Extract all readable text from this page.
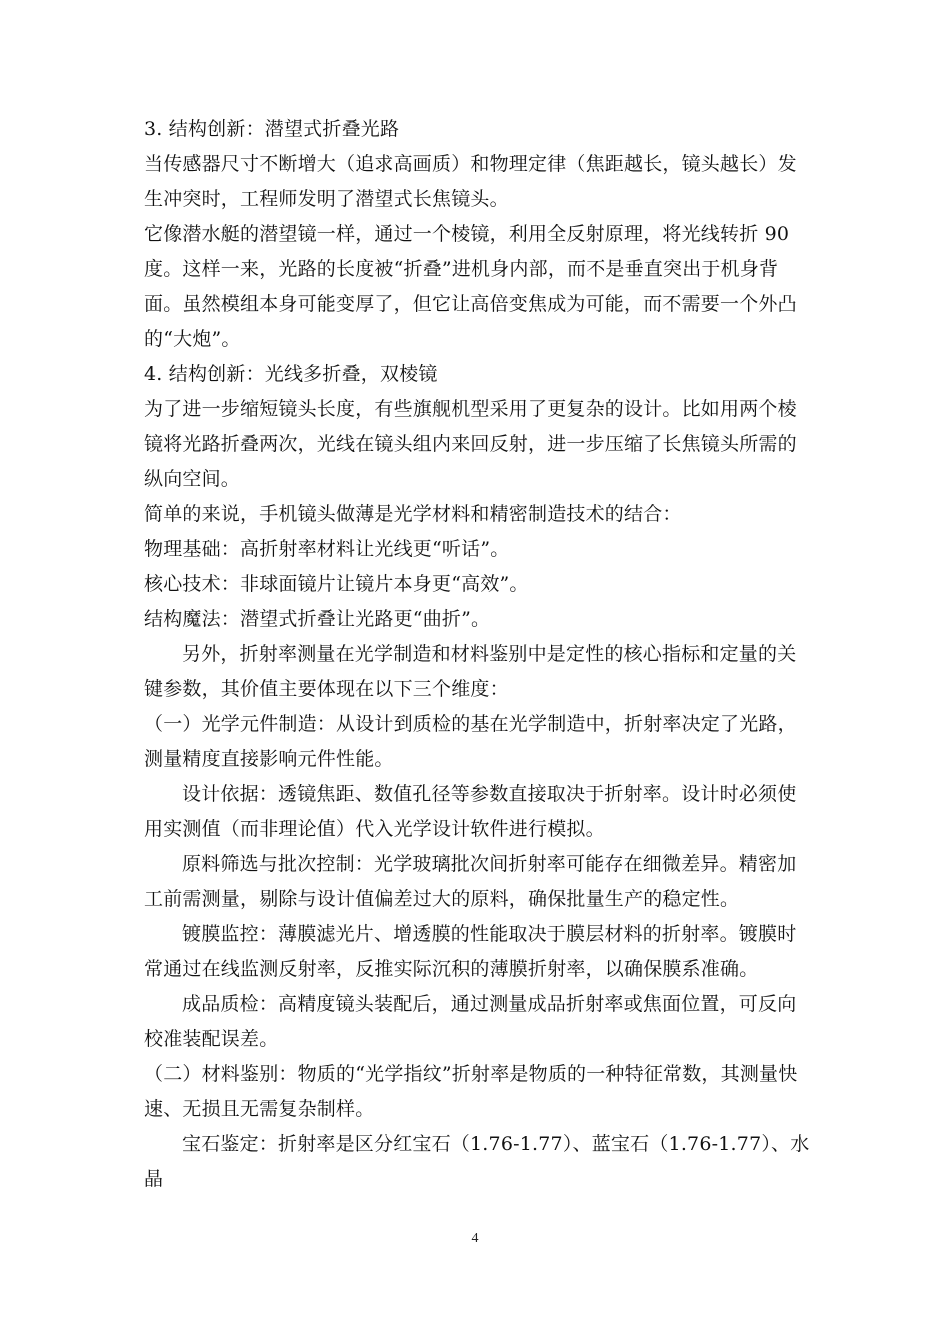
3. 结构创新：潜望式折叠光路

当传感器尺寸不断增大（追求高画质）和物理定律（焦距越长，镜头越长）发生冲突时，工程师发明了潜望式长焦镜头。

它像潜水艇的潜望镜一样，通过一个棱镜，利用全反射原理，将光线转折 90 度。这样一来，光路的长度被“折叠”进机身内部，而不是垂直突出于机身背面。虽然模组本身可能变厚了，但它让高倍变焦成为可能，而不需要一个外凸的“大炮”。

4. 结构创新：光线多折叠，双棱镜

为了进一步缩短镜头长度，有些旗舰机型采用了更复杂的设计。比如用两个棱镜将光路折叠两次，光线在镜头组内来回反射，进一步压缩了长焦镜头所需的纵向空间。

简单的来说，手机镜头做薄是光学材料和精密制造技术的结合：

物理基础：高折射率材料让光线更“听话”。

核心技术：非球面镜片让镜片本身更“高效”。

结构魔法：潜望式折叠让光路更“曲折”。

另外，折射率测量在光学制造和材料鉴别中是定性的核心指标和定量的关键参数，其价值主要体现在以下三个维度：

（一）光学元件制造：从设计到质检的基在光学制造中，折射率决定了光路，测量精度直接影响元件性能。

设计依据：透镜焦距、数值孔径等参数直接取决于折射率。设计时必须使用实测值（而非理论值）代入光学设计软件进行模拟。

原料筛选与批次控制：光学玻璃批次间折射率可能存在细微差异。精密加工前需测量，剔除与设计值偏差过大的原料，确保批量生产的稳定性。

镀膜监控：薄膜滤光片、增透膜的性能取决于膜层材料的折射率。镀膜时常通过在线监测反射率，反推实际沉积的薄膜折射率，以确保膜系准确。

成品质检：高精度镜头装配后，通过测量成品折射率或焦面位置，可反向校准装配误差。

（二）材料鉴别：物质的“光学指纹”折射率是物质的一种特征常数，其测量快速、无损且无需复杂制样。

宝石鉴定：折射率是区分红宝石（1.76-1.77）、蓝宝石（1.76-1.77）、水晶

4
